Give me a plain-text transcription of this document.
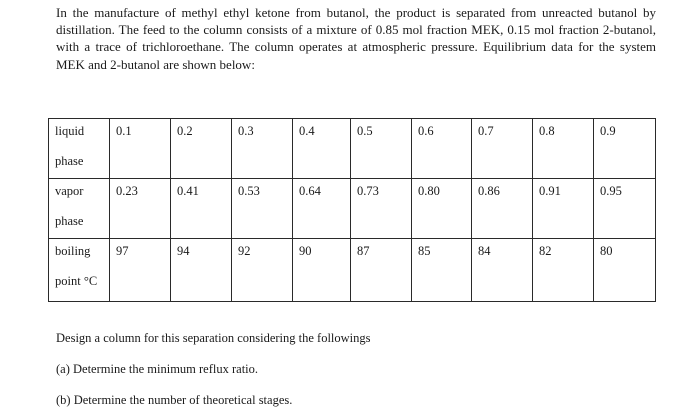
In the manufacture of methyl ethyl ketone from butanol, the product is separated from unreacted butanol by distillation. The feed to the column consists of a mixture of 0.85 mol fraction MEK, 0.15 mol fraction 2-butanol, with a trace of trichloroethane. The column operates at atmospheric pressure. Equilibrium data for the system MEK and 2-butanol are shown below:
liquid
phase	0.1	0.2	0.3	0.4	0.5	0.6	0.7	0.8	0.9

vapor
phase	0.23	0.41	0.53	0.64	0.73	0.80	0.86	0.91	0.95

boiling
point °C	97	94	92	90	87	85	84	82	80
Design a column for this separation considering the followings
(a) Determine the minimum reflux ratio.
(b) Determine the number of theoretical stages.
